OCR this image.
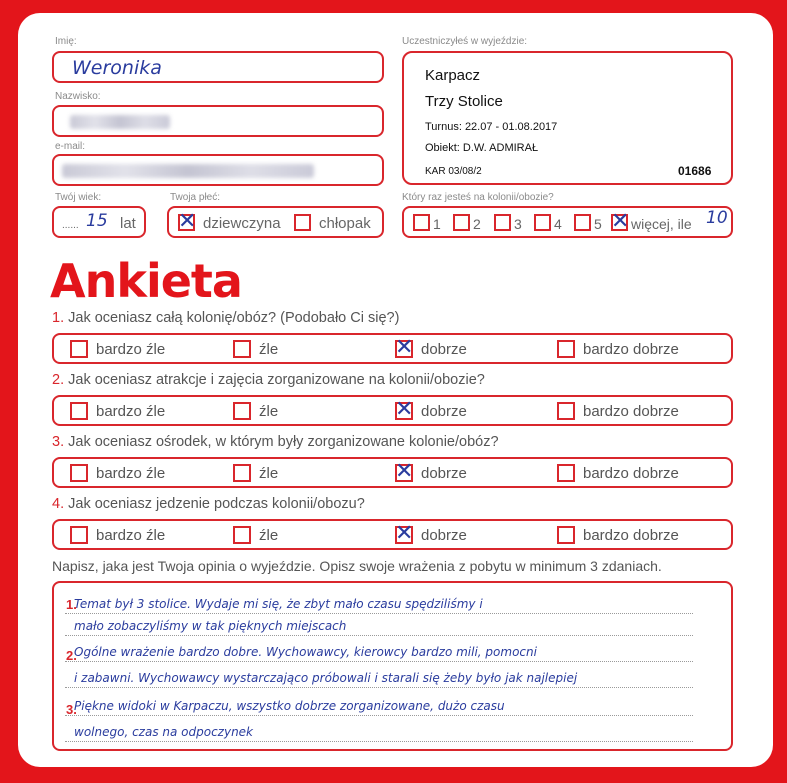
Imię:
Weronika
Nazwisko:
e-mail:
Twój wiek:
...... 15 lat
Twoja płeć:
✕ dziewczyna	chłopak
Uczestniczyłeś w wyjeździe:
Karpacz
Trzy Stolice
Turnus: 22.07 - 01.08.2017
Obiekt: D.W. ADMIRAŁ
KAR 03/08/2	01686
Który raz jesteś na kolonii/obozie?
1 2 3 4 5 ✕ więcej, ile 10
Ankieta
1. Jak oceniasz całą kolonię/obóz? (Podobało Ci się?)
bardzo źle	źle	✕ dobrze	bardzo dobrze
2. Jak oceniasz atrakcje i zajęcia zorganizowane na kolonii/obozie?
bardzo źle	źle	✕ dobrze	bardzo dobrze
3. Jak oceniasz ośrodek, w którym były zorganizowane kolonie/obóz?
bardzo źle	źle	✕ dobrze	bardzo dobrze
4. Jak oceniasz jedzenie podczas kolonii/obozu?
bardzo źle	źle	✕ dobrze	bardzo dobrze
Napisz, jaka jest Twoja opinia o wyjeździe. Opisz swoje wrażenia z pobytu w minimum 3 zdaniach.
Temat był 3 stolice. Wydaje mi się, że zbyt mało czasu spędziliśmy i
mało zobaczyliśmy w tak pięknych miejscach
Ogólne wrażenie bardzo dobre. Wychowawcy, kierowcy bardzo mili, pomocni
i zabawni. Wychowawcy wystarczająco próbowali i starali się żeby było jak najlepiej
Piękne widoki w Karpaczu, wszystko dobrze zorganizowane, dużo czasu
wolnego, czas na odpoczynek
1.
2.
3.
